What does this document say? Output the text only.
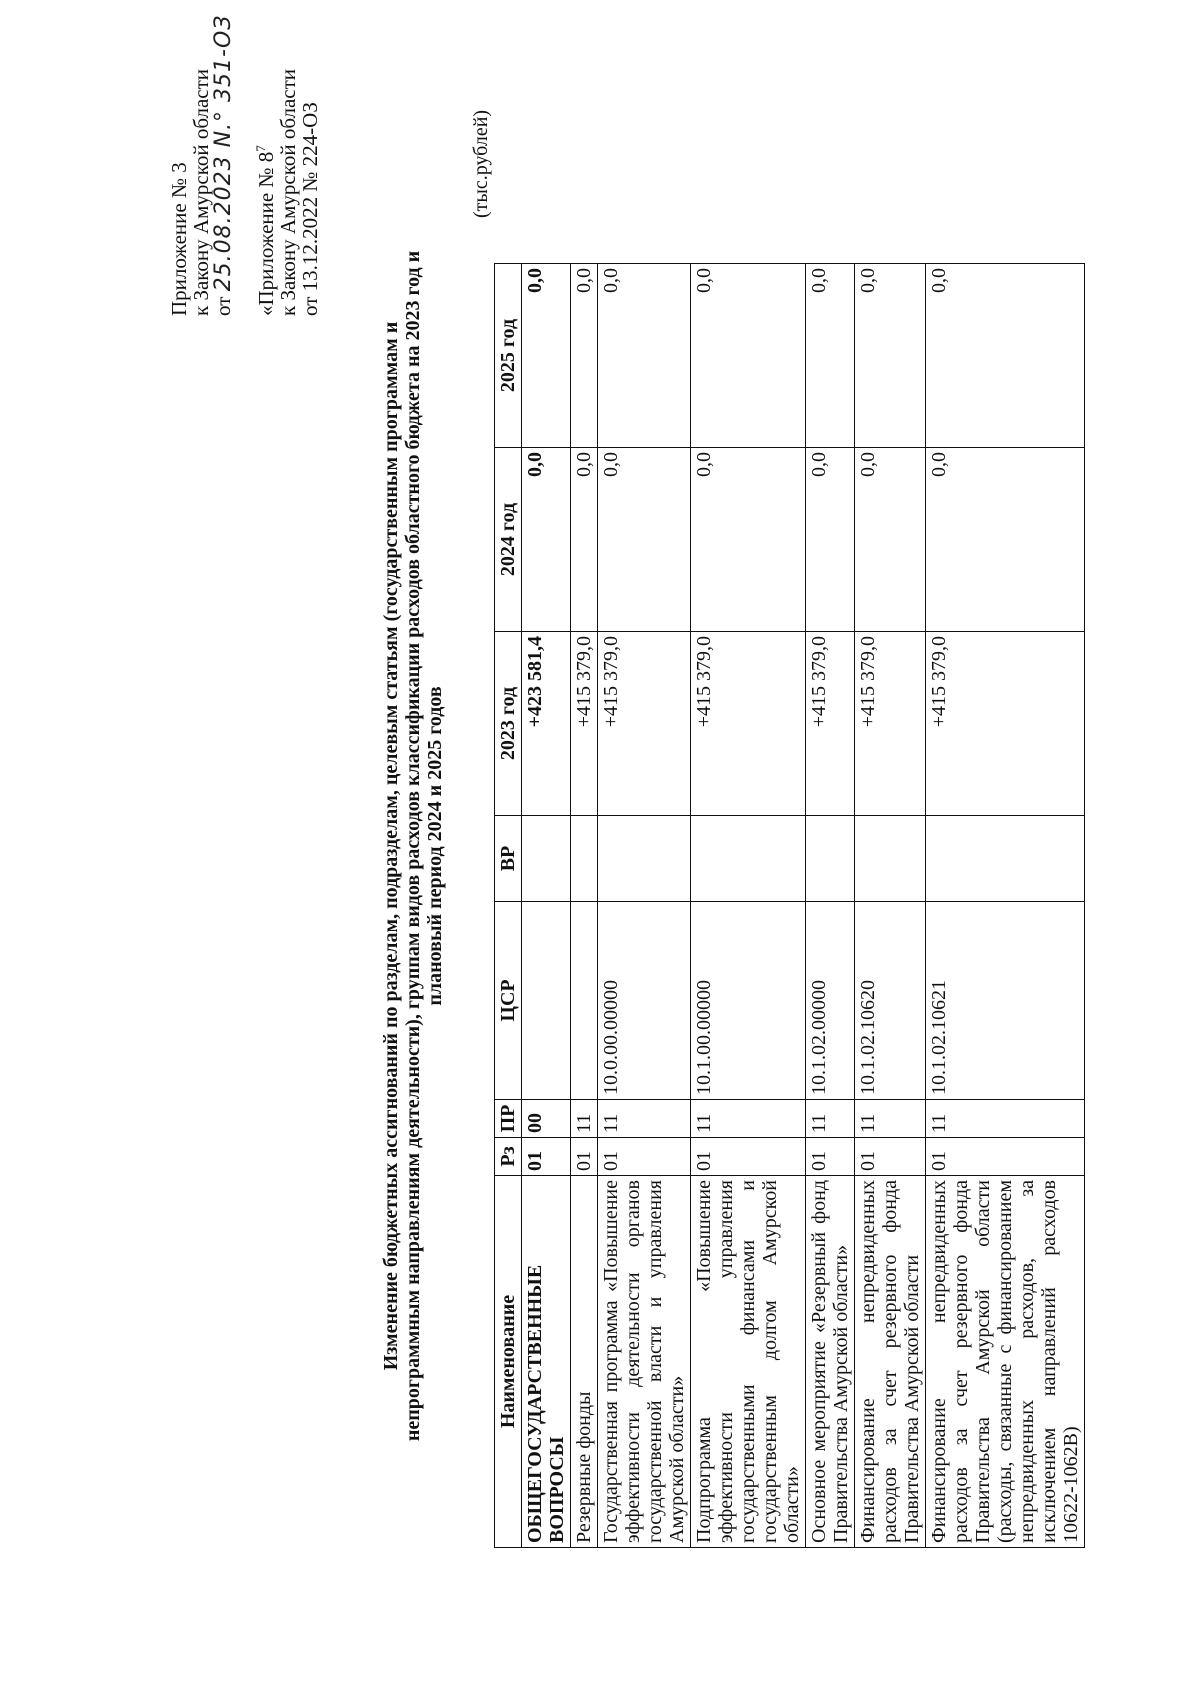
Приложение № 3
к Закону Амурской области
от 25.08.2023 N.° 351-ОЗ «Приложение № $8^7$ к Закону Амурской области
от 13.12.2022 № 224-ОЗ
Изменение бюджетных ассигнований по разделам, подразделам, целевым статьям (государственным программам и непрограммным направлениям деятельности), группам видов расходов классификации расходов областного бюджета на 2023 год и плановый период 2024 и 2025 годов
(тыс.рублей)
Наименование	Рз	ПР	ЦСР	ВР	2023 год	2024 год	2025 год
ОБЩЕГОСУДАРСТВЕННЫЕ ВОПРОСЫ	01	00			+423 581,4	0,0	0,0
Резервные фонды	01	11			+415 379,0	0,0	0,0
Государственная программа «Повышение эффективности деятельности органов государственной власти и управления Амурской области»	01	11	10.0.00.00000		+415 379,0	0,0	0,0
Подпрограмма «Повышение эффективности управления государственными финансами и государственным долгом Амурской области»	01	11	10.1.00.00000		+415 379,0	0,0	0,0
Основное мероприятие «Резервный фонд Правительства Амурской области»	01	11	10.1.02.00000		+415 379,0	0,0	0,0
Финансирование непредвиденных расходов за счет резервного фонда Правительства Амурской области	01	11	10.1.02.10620		+415 379,0	0,0	0,0
Финансирование непредвиденных расходов за счет резервного фонда Правительства Амурской области (расходы, связанные с финансированием непредвиденных расходов, за исключением направлений расходов 10622-1062В)	01	11	10.1.02.10621		+415 379,0	0,0	0,0
